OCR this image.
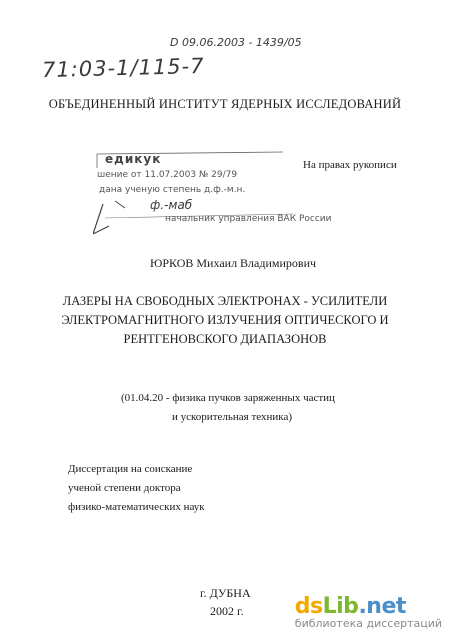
D 09.06.2003 - 1439/05
71:03-1/115-7
ОБЪЕДИНЕННЫЙ ИНСТИТУТ ЯДЕРНЫХ ИССЛЕДОВАНИЙ
едикук
шение от 11.07.2003 № 29/79
дана ученую степень д.ф.-м.н.
ф.-маб
начальник управления ВАК России
На правах рукописи
ЮРКОВ Михаил Владимирович
ЛАЗЕРЫ НА СВОБОДНЫХ ЭЛЕКТРОНАХ - УСИЛИТЕЛИ
ЭЛЕКТРОМАГНИТНОГО ИЗЛУЧЕНИЯ ОПТИЧЕСКОГО И
РЕНТГЕНОВСКОГО ДИАПАЗОНОВ
(01.04.20 - физика пучков заряженных частиц
и ускорительная техника)
Диссертация на соискание
ученой степени доктора
физико-математических наук
г. ДУБНА
2002 г. dsLib.net
библиотека диссертаций
